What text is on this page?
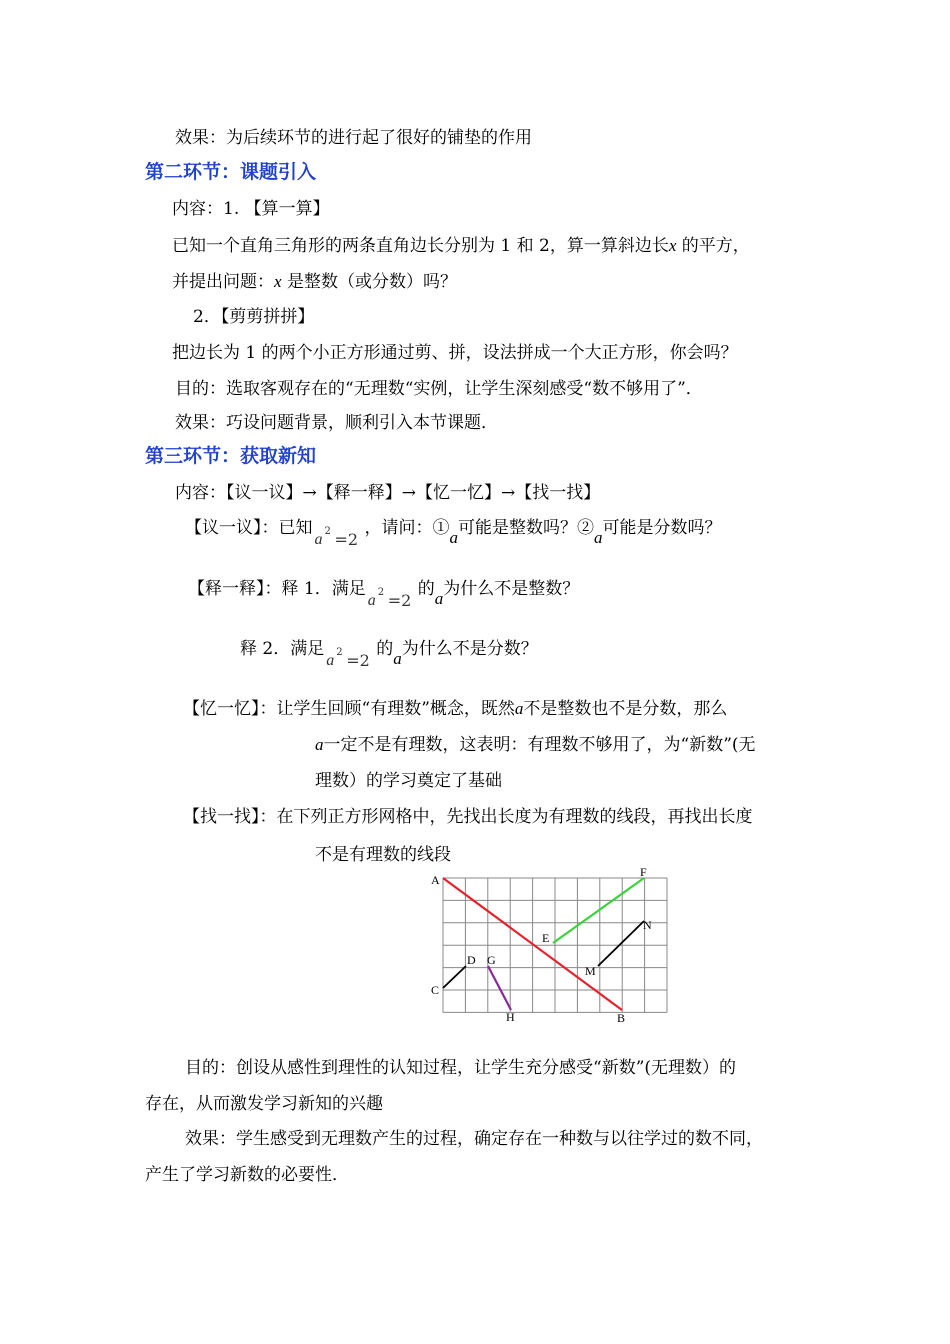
效果：为后续环节的进行起了很好的铺垫的作用
第二环节：课题引入
内容：1. 【算一算】
已知一个直角三角形的两条直角边长分别为 1 和 2，算一算斜边长x 的平方，
并提出问题：x 是整数（或分数）吗？
2．【剪剪拼拼】
把边长为 1 的两个小正方形通过剪、拼，设法拼成一个大正方形，你会吗？
目的：选取客观存在的“无理数“实例，让学生深刻感受“数不够用了”．
效果：巧设问题背景，顺利引入本节课题．
第三环节：获取新知
内容：【议一议】→【释一释】→【忆一忆】→【找一找】
【议一议】：已知
a 2 =2
，请问：①a可能是整数吗？②a可能是分数吗？
【释一释】：释 1．满足
a 2 =2
的a为什么不是整数？
释 2．满足
a 2 =2
的a为什么不是分数？
【忆一忆】：让学生回顾“有理数”概念，既然a不是整数也不是分数，那么
a一定不是有理数，这表明：有理数不够用了，为“新数”(无
理数）的学习奠定了基础
【找一找】：在下列正方形网格中，先找出长度为有理数的线段，再找出长度
不是有理数的线段
A
B
C
D
E
F
G
H
M
N
目的：创设从感性到理性的认知过程，让学生充分感受“新数”(无理数）的
存在，从而激发学习新知的兴趣
效果：学生感受到无理数产生的过程，确定存在一种数与以往学过的数不同，
产生了学习新数的必要性．
